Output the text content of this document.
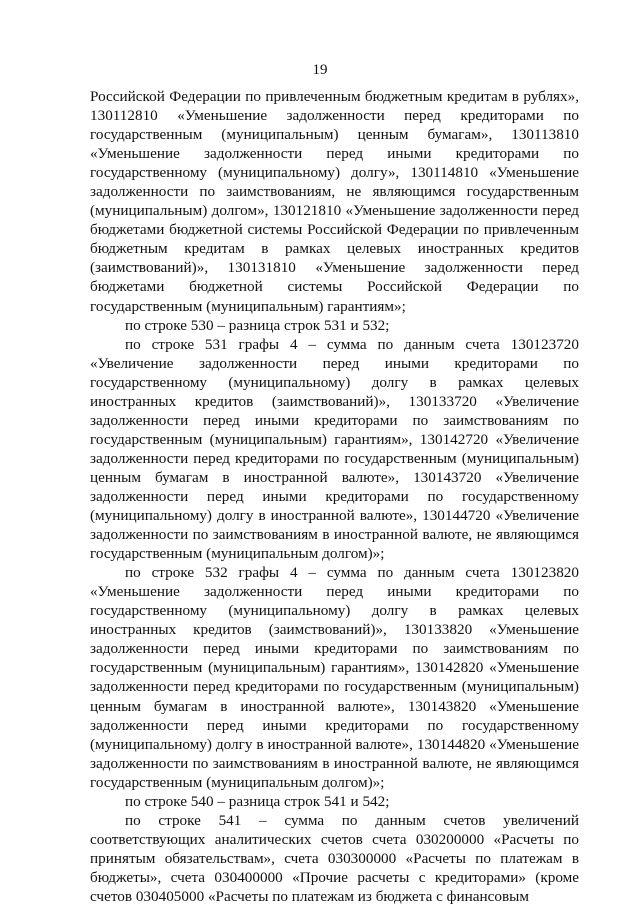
19

Российской Федерации по привлеченным бюджетным кредитам в рублях», 130112810 «Уменьшение задолженности перед кредиторами по государственным (муниципальным) ценным бумагам», 130113810 «Уменьшение задолженности перед иными кредиторами по государственному (муниципальному) долгу», 130114810 «Уменьшение задолженности по заимствованиям, не являющимся государственным (муниципальным) долгом», 130121810 «Уменьшение задолженности перед бюджетами бюджетной системы Российской Федерации по привлеченным бюджетным кредитам в рамках целевых иностранных кредитов (заимствований)», 130131810 «Уменьшение задолженности перед бюджетами бюджетной системы Российской Федерации по государственным (муниципальным) гарантиям»;

по строке 530 – разница строк 531 и 532;

по строке 531 графы 4 – сумма по данным счета 130123720 «Увеличение задолженности перед иными кредиторами по государственному (муниципальному) долгу в рамках целевых иностранных кредитов (заимствований)», 130133720 «Увеличение задолженности перед иными кредиторами по заимствованиям по государственным (муниципальным) гарантиям», 130142720 «Увеличение задолженности перед кредиторами по государственным (муниципальным) ценным бумагам в иностранной валюте», 130143720 «Увеличение задолженности перед иными кредиторами по государственному (муниципальному) долгу в иностранной валюте», 130144720 «Увеличение задолженности по заимствованиям в иностранной валюте, не являющимся государственным (муниципальным долгом)»;

по строке 532 графы 4 – сумма по данным счета 130123820 «Уменьшение задолженности перед иными кредиторами по государственному (муниципальному) долгу в рамках целевых иностранных кредитов (заимствований)», 130133820 «Уменьшение задолженности перед иными кредиторами по заимствованиям по государственным (муниципальным) гарантиям», 130142820 «Уменьшение задолженности перед кредиторами по государственным (муниципальным) ценным бумагам в иностранной валюте», 130143820 «Уменьшение задолженности перед иными кредиторами по государственному (муниципальному) долгу в иностранной валюте», 130144820 «Уменьшение задолженности по заимствованиям в иностранной валюте, не являющимся государственным (муниципальным долгом)»;

по строке 540 – разница строк 541 и 542;

по строке 541 – сумма по данным счетов увеличений соответствующих аналитических счетов счета 030200000 «Расчеты по принятым обязательствам», счета 030300000 «Расчеты по платежам в бюджеты», счета 030400000 «Прочие расчеты с кредиторами» (кроме счетов 030405000 «Расчеты по платежам из бюджета с финансовым
